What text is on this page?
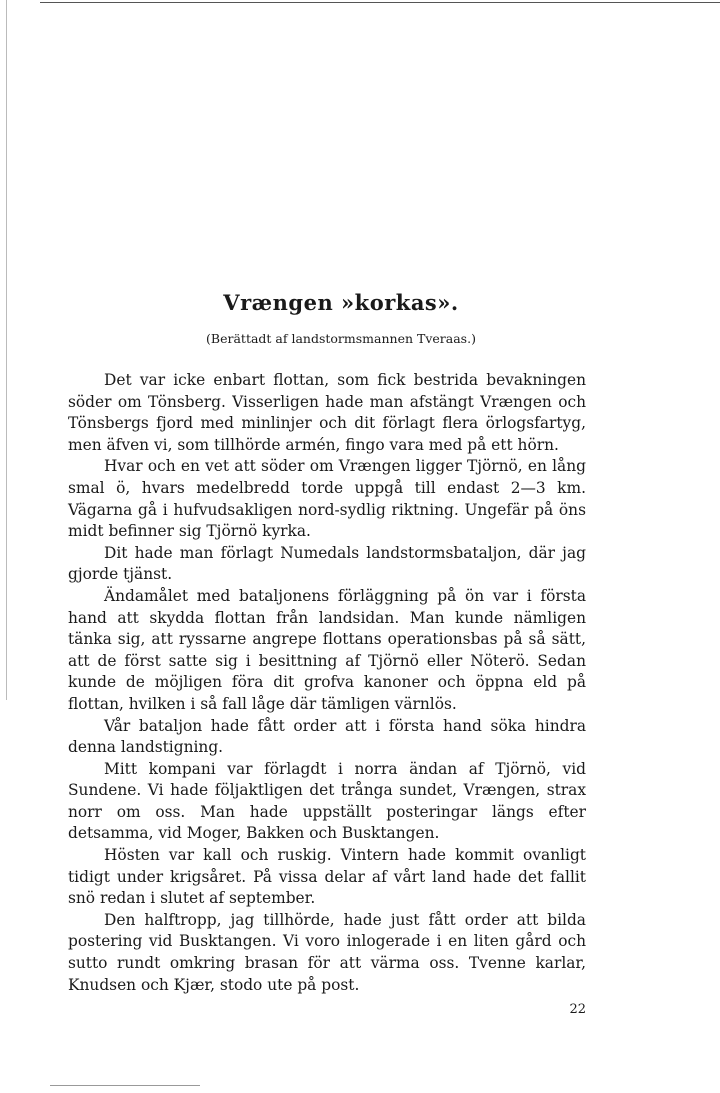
Vrængen »korkas».
(Berättadt af landstormsmannen Tveraas.)

Det var icke enbart flottan, som fick bestrida bevakningen söder om Tönsberg. Visserligen hade man afstängt Vrængen och Tönsbergs fjord med minlinjer och dit förlagt flera örlogsfartyg, men äfven vi, som tillhörde armén, fingo vara med på ett hörn.

Hvar och en vet att söder om Vrængen ligger Tjörnö, en lång smal ö, hvars medelbredd torde uppgå till endast 2—3 km. Vägarna gå i hufvudsakligen nord-sydlig riktning. Ungefär på öns midt befinner sig Tjörnö kyrka.

Dit hade man förlagt Numedals landstormsbataljon, där jag gjorde tjänst.

Ändamålet med bataljonens förläggning på ön var i första hand att skydda flottan från landsidan. Man kunde nämligen tänka sig, att ryssarne angrepe flottans operationsbas på så sätt, att de först satte sig i besittning af Tjörnö eller Nöterö. Sedan kunde de möjligen föra dit grofva kanoner och öppna eld på flottan, hvilken i så fall låge där tämligen värnlös.

Vår bataljon hade fått order att i första hand söka hindra denna landstigning.

Mitt kompani var förlagdt i norra ändan af Tjörnö, vid Sundene. Vi hade följaktligen det trånga sundet, Vrængen, strax norr om oss. Man hade uppställt posteringar längs efter detsamma, vid Moger, Bakken och Busktangen.

Hösten var kall och ruskig. Vintern hade kommit ovanligt tidigt under krigsåret. På vissa delar af vårt land hade det fallit snö redan i slutet af september.

Den halftropp, jag tillhörde, hade just fått order att bilda postering vid Busktangen. Vi voro inlogerade i en liten gård och sutto rundt omkring brasan för att värma oss. Tvenne karlar, Knudsen och Kjær, stodo ute på post.

22
